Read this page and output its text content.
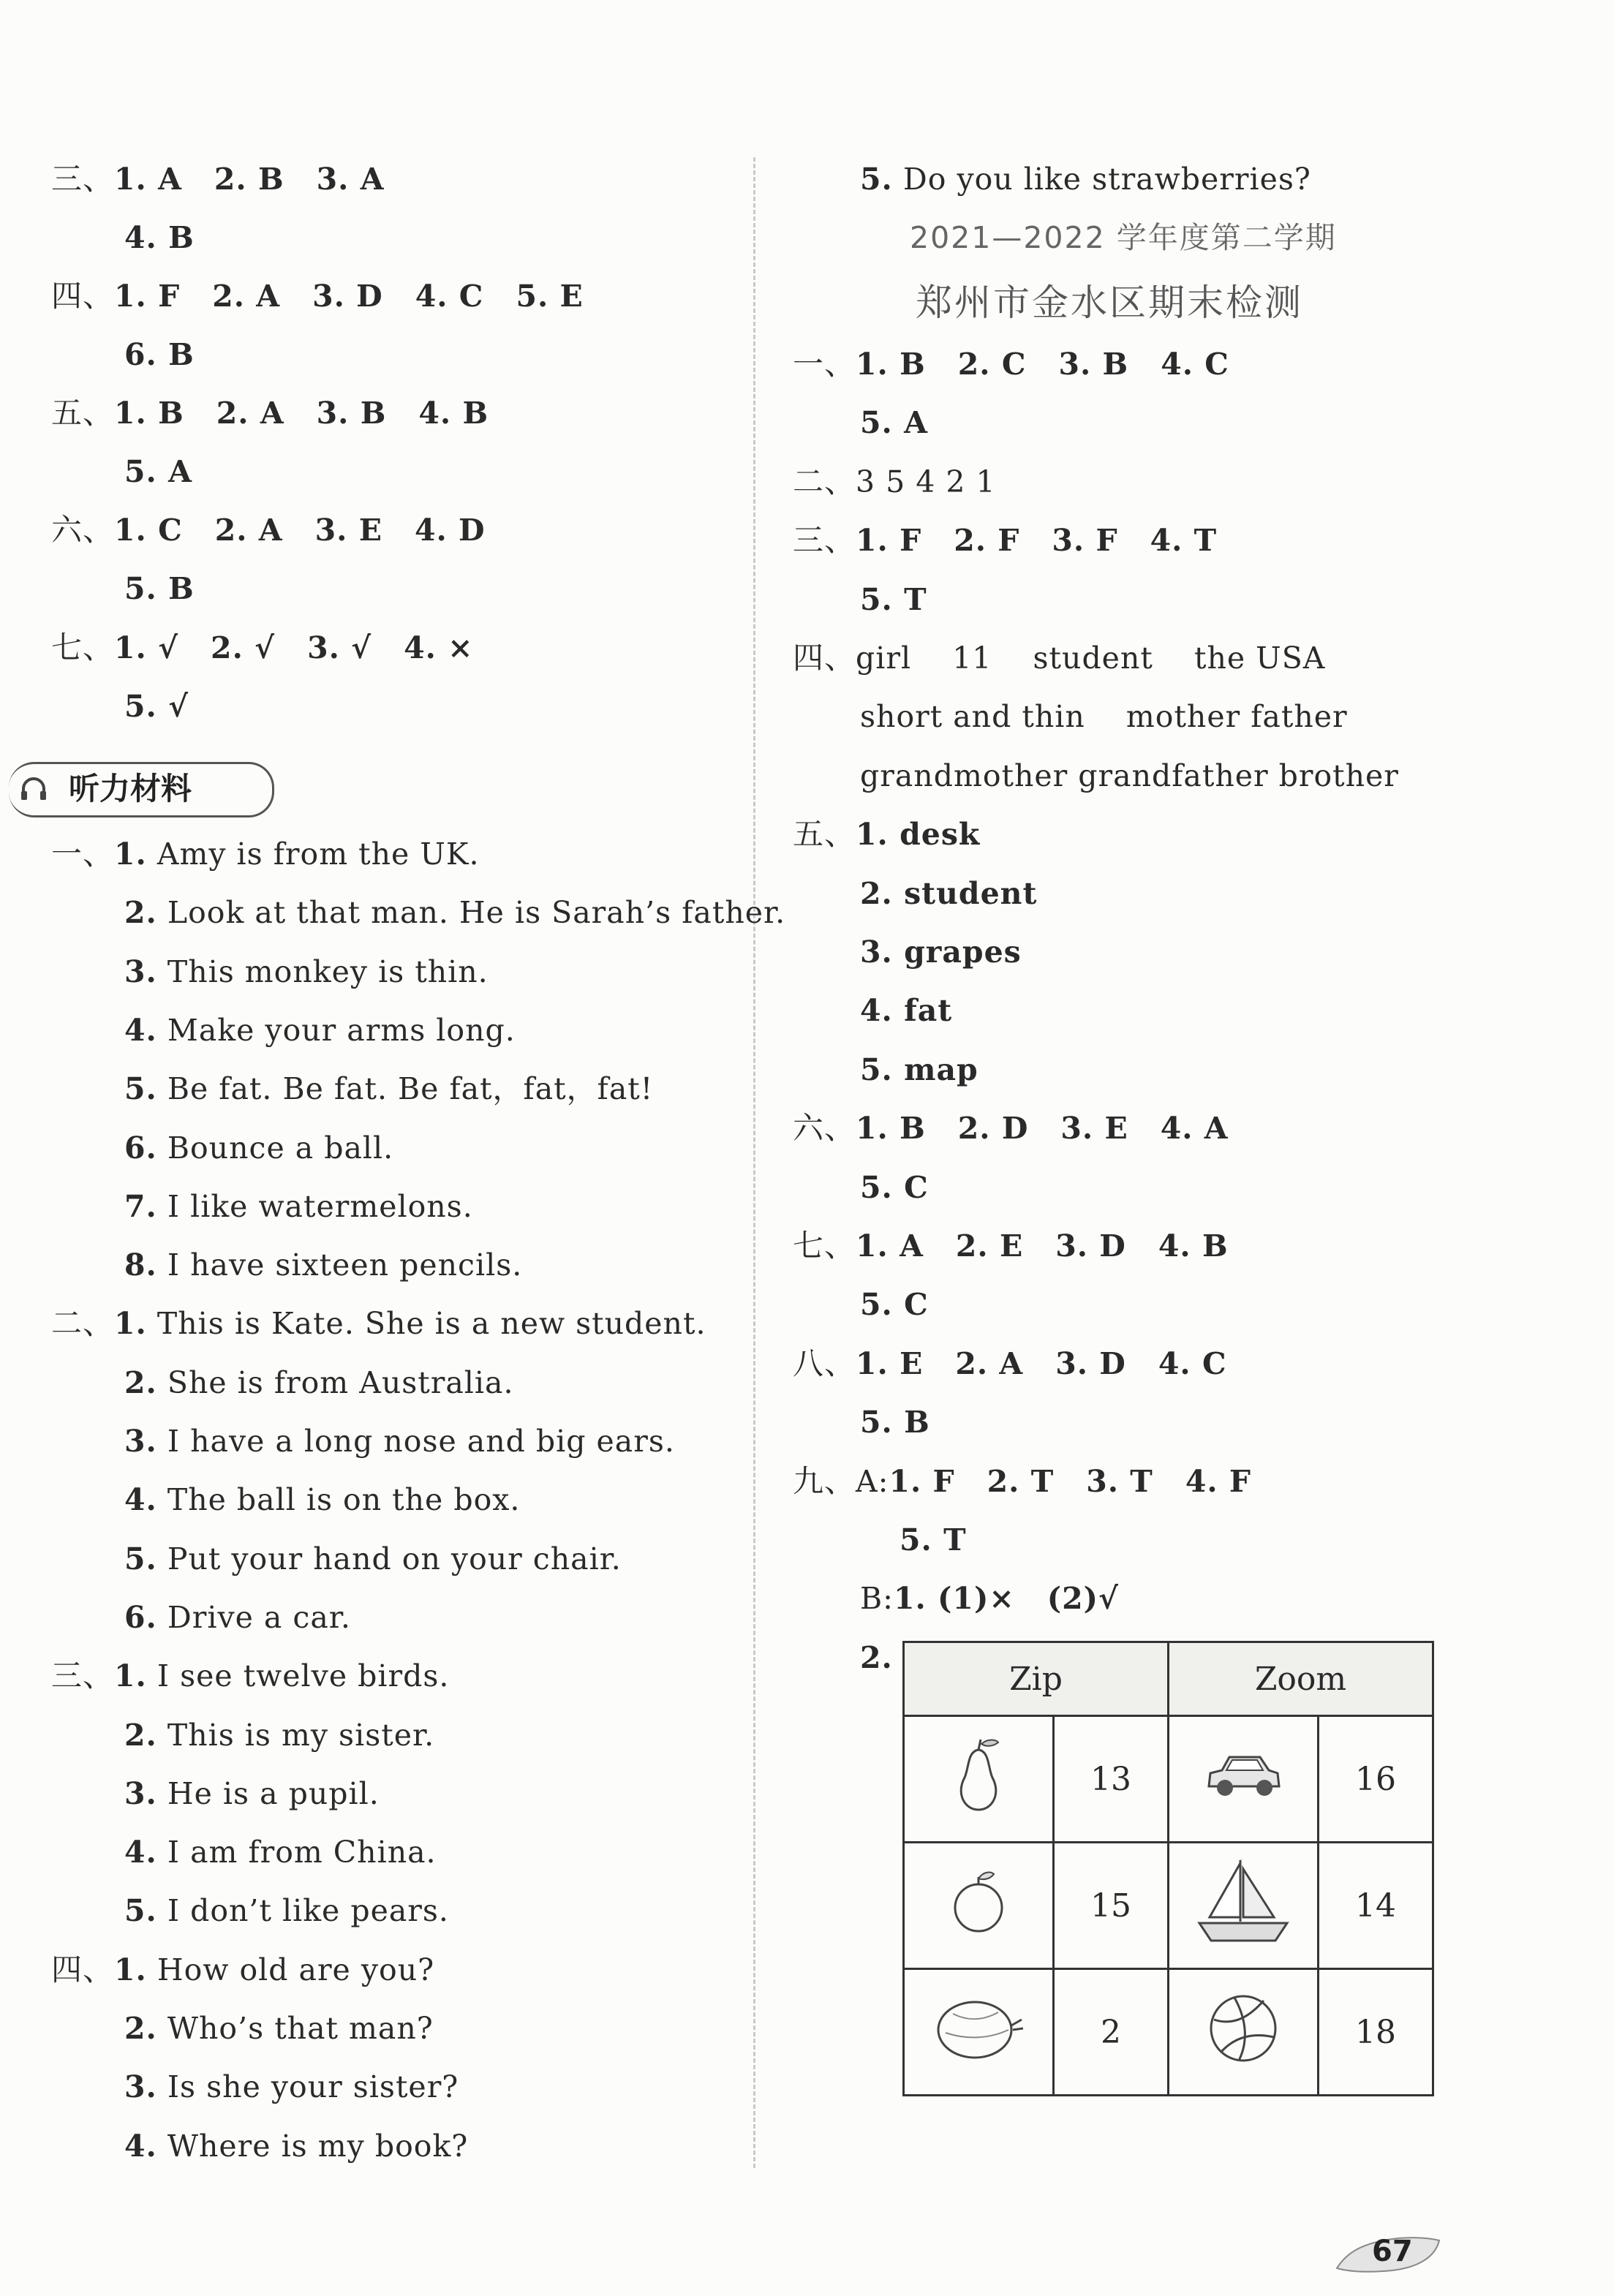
三、1. A 2. B 3. A
4. B
四、1. F 2. A 3. D 4. C 5. E
6. B
五、1. B 2. A 3. B 4. B
5. A
六、1. C 2. A 3. E 4. D
5. B
七、1. √ 2. √ 3. √ 4. ×
5. √
听力材料
一、1. Amy is from the UK.
2. Look at that man. He is Sarah’s father.
3. This monkey is thin.
4. Make your arms long.
5. Be fat. Be fat. Be fat，fat，fat!
6. Bounce a ball.
7. I like watermelons.
8. I have sixteen pencils.
二、1. This is Kate. She is a new student.
2. She is from Australia.
3. I have a long nose and big ears.
4. The ball is on the box.
5. Put your hand on your chair.
6. Drive a car.
三、1. I see twelve birds.
2. This is my sister.
3. He is a pupil.
4. I am from China.
5. I don’t like pears.
四、1. How old are you?
2. Who’s that man?
3. Is she your sister?
4. Where is my book?
5. Do you like strawberries?
2021—2022 学年度第二学期
郑州市金水区期末检测
一、1. B 2. C 3. B 4. C
5. A
二、3 5 4 2 1
三、1. F 2. F 3. F 4. T
5. T
四、girl    11    student    the USA
short and thin    mother father
grandmother grandfather brother
五、1. desk
2. student
3. grapes
4. fat
5. map
六、1. B 2. D 3. E 4. A
5. C
七、1. A 2. E 3. D 4. B
5. C
八、1. E 2. A 3. D 4. C
5. B
九、A:1. F 2. T 3. T 4. F
5. T
B:1. (1)× (2)√
2.
Zip		Zoom	
	13		16
	15		14
	2		18
67
